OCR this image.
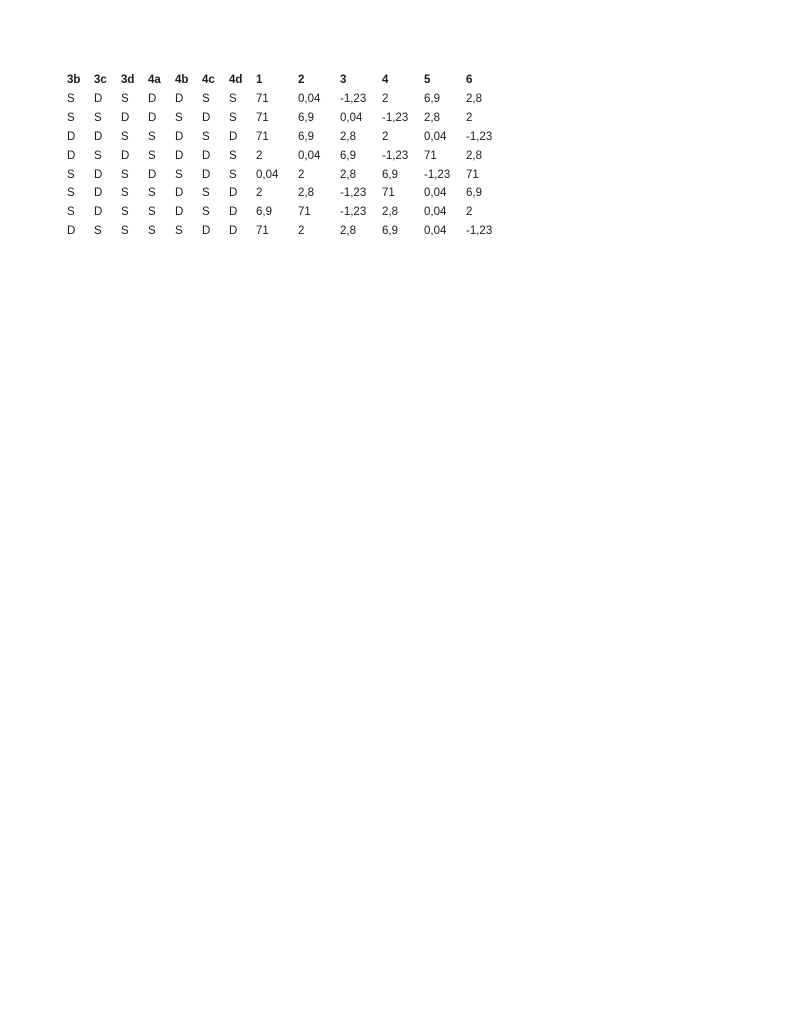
3b	3c	3d	4a	4b	4c	4d	1	2	3	4	5	6
S	D	S	D	D	S	S	71	0,04	-1,23	2	6,9	2,8
S	S	D	D	S	D	S	71	6,9	0,04	-1,23	2,8	2
D	D	S	S	D	S	D	71	6,9	2,8	2	0,04	-1,23
D	S	D	S	D	D	S	2	0,04	6,9	-1,23	71	2,8
S	D	S	D	S	D	S	0,04	2	2,8	6,9	-1,23	71
S	D	S	S	D	S	D	2	2,8	-1,23	71	0,04	6,9
S	D	S	S	D	S	D	6,9	71	-1,23	2,8	0,04	2
D	S	S	S	S	D	D	71	2	2,8	6,9	0,04	-1,23
